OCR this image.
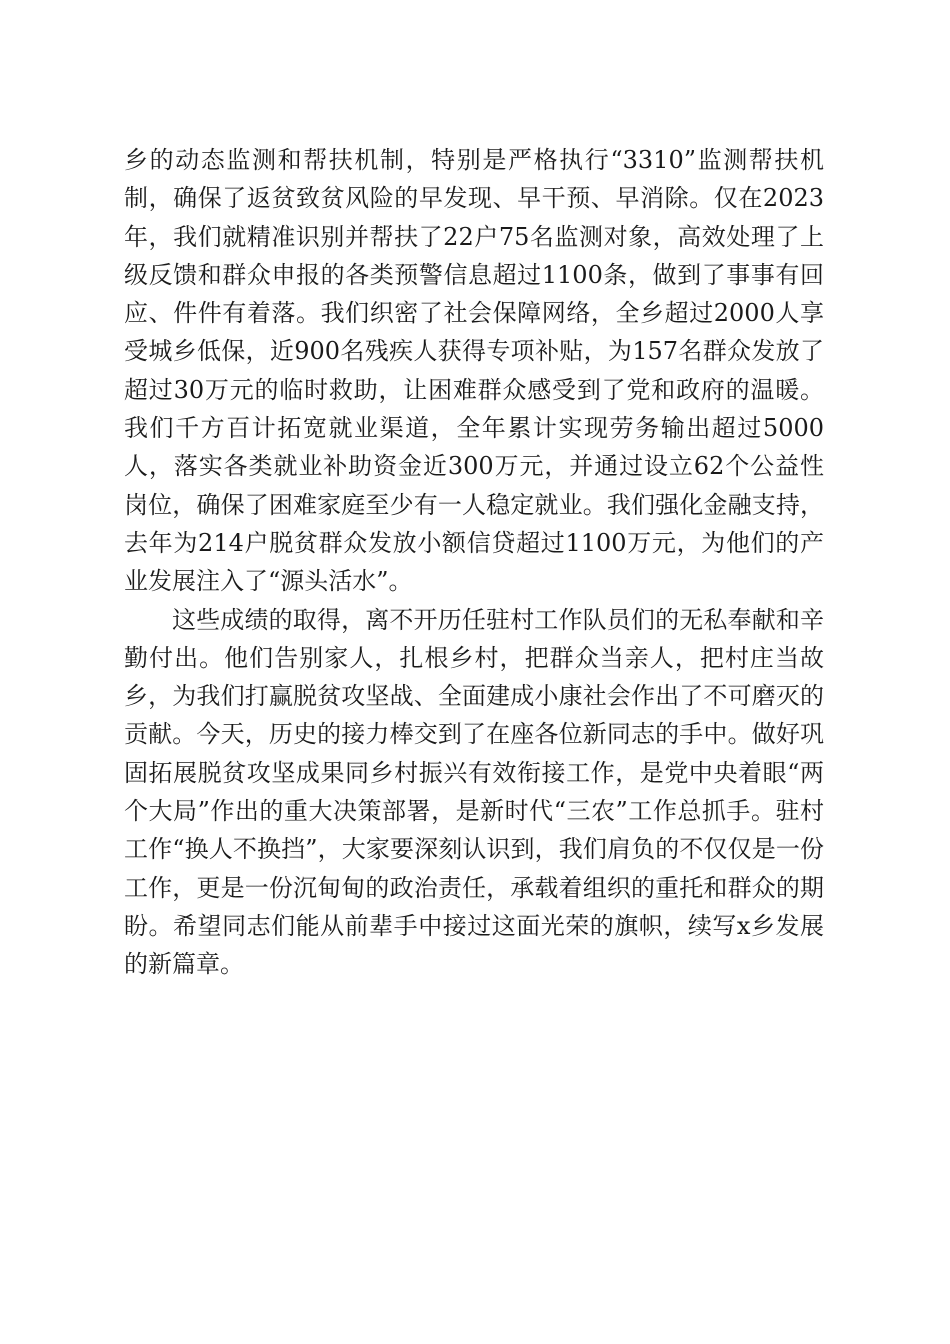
乡的动态监测和帮扶机制，特别是严格执行“3310”监测帮扶机制，确保了返贫致贫风险的早发现、早干预、早消除。仅在2023年，我们就精准识别并帮扶了22户75名监测对象，高效处理了上级反馈和群众申报的各类预警信息超过1100条，做到了事事有回应、件件有着落。我们织密了社会保障网络，全乡超过2000人享受城乡低保，近900名残疾人获得专项补贴，为157名群众发放了超过30万元的临时救助，让困难群众感受到了党和政府的温暖。我们千方百计拓宽就业渠道，全年累计实现劳务输出超过5000人，落实各类就业补助资金近300万元，并通过设立62个公益性岗位，确保了困难家庭至少有一人稳定就业。我们强化金融支持，去年为214户脱贫群众发放小额信贷超过1100万元，为他们的产业发展注入了“源头活水”。

这些成绩的取得，离不开历任驻村工作队员们的无私奉献和辛勤付出。他们告别家人，扎根乡村，把群众当亲人，把村庄当故乡，为我们打赢脱贫攻坚战、全面建成小康社会作出了不可磨灭的贡献。今天，历史的接力棒交到了在座各位新同志的手中。做好巩固拓展脱贫攻坚成果同乡村振兴有效衔接工作，是党中央着眼“两个大局”作出的重大决策部署，是新时代“三农”工作总抓手。驻村工作“换人不换挡”，大家要深刻认识到，我们肩负的不仅仅是一份工作，更是一份沉甸甸的政治责任，承载着组织的重托和群众的期盼。希望同志们能从前辈手中接过这面光荣的旗帜，续写x乡发展的新篇章。
